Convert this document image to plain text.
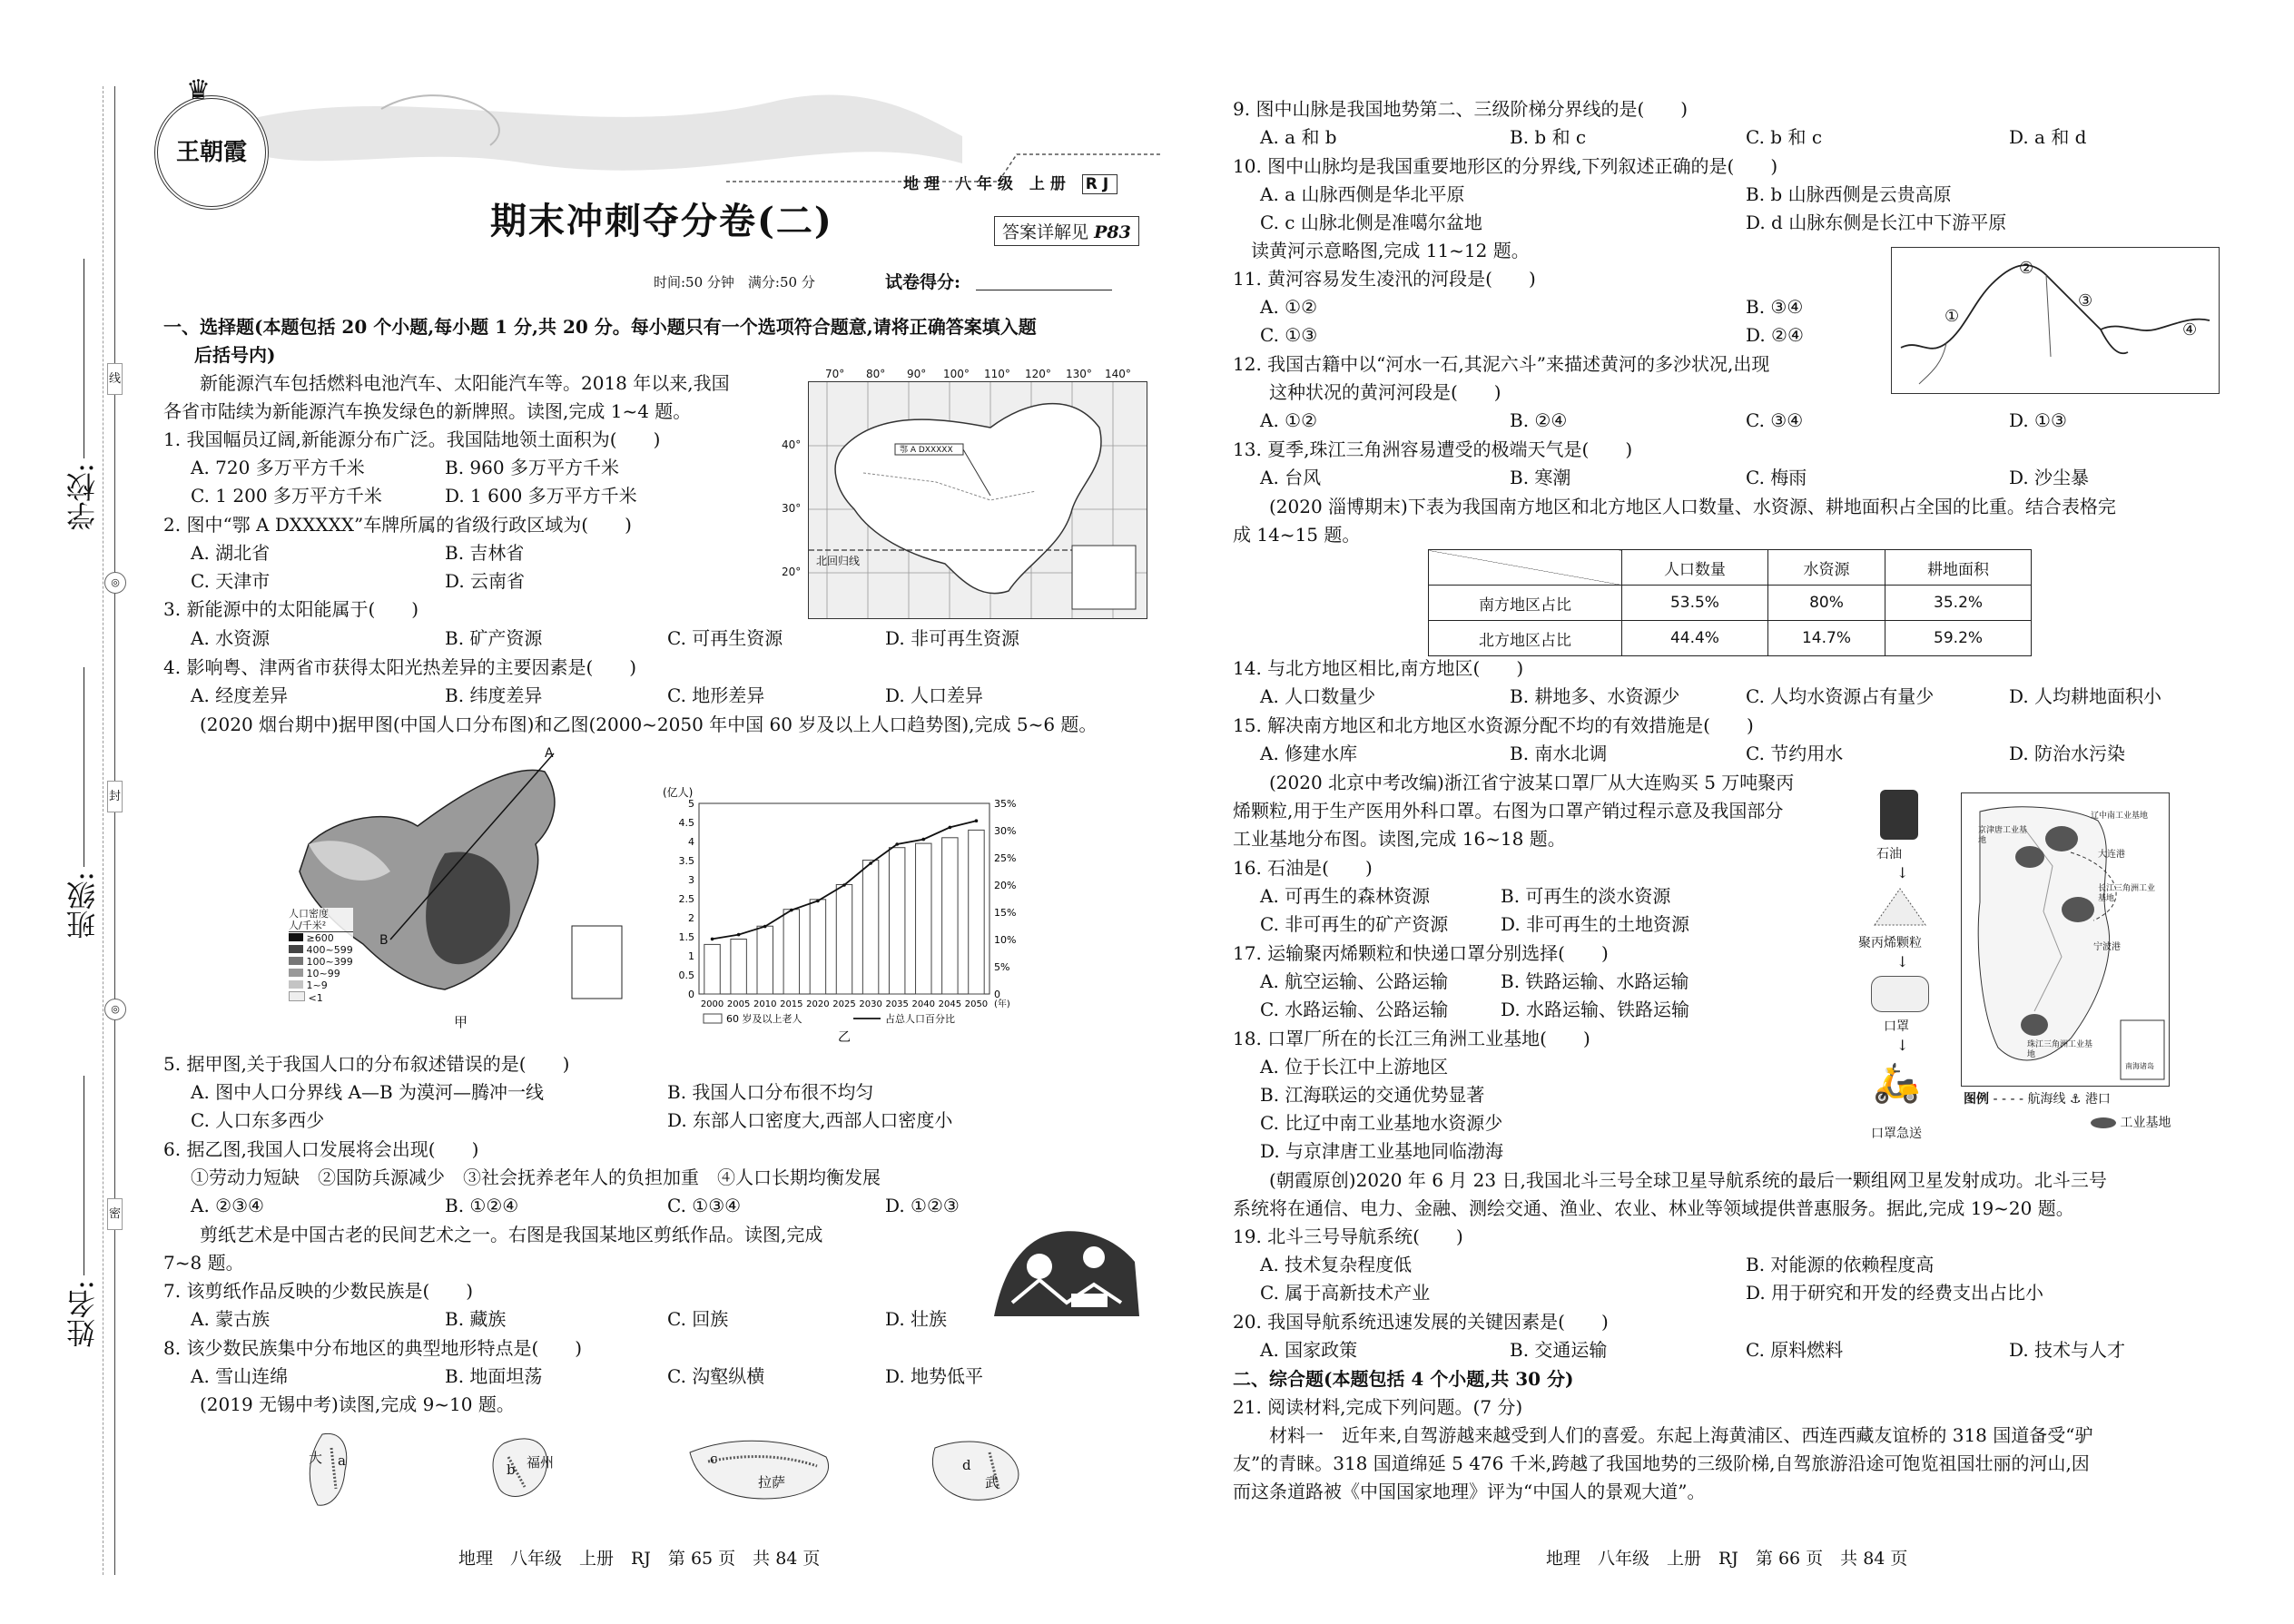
学校:
班级:
姓名:
线
封
密
◎
◎
王朝霞
♛
地理 八年级 上册 RJ
期末冲刺夺分卷(二)	答案详解见 P83
时间:50 分钟　满分:50 分	试卷得分:
一、选择题(本题包括 20 个小题,每小题 1 分,共 20 分。每小题只有一个选项符合题意,请将正确答案填入题
后括号内)
　　新能源汽车包括燃料电池汽车、太阳能汽车等。2018 年以来,我国
各省市陆续为新能源汽车换发绿色的新牌照。读图,完成 1~4 题。
1. 我国幅员辽阔,新能源分布广泛。我国陆地领土面积为(　　)
A. 720 多万平方千米	B. 960 多万平方千米
C. 1 200 多万平方千米	D. 1 600 多万平方千米
2. 图中“鄂 A DXXXXX”车牌所属的省级行政区域为(　　)
A. 湖北省	B. 吉林省
C. 天津市	D. 云南省
3. 新能源中的太阳能属于(　　)
A. 水资源	B. 矿产资源	C. 可再生资源	D. 非可再生资源
4. 影响粤、津两省市获得太阳光热差异的主要因素是(　　)
A. 经度差异	B. 纬度差异	C. 地形差异	D. 人口差异
70° 80° 90° 100° 110° 120° 130° 140°
40°
30°
20°
鄂 A DXXXXX
北回归线
　(2020 烟台期中)据甲图(中国人口分布图)和乙图(2000~2050 年中国 60 岁及以上人口趋势图),完成 5~6 题。
A
B
人口密度
人/千米²
≥600
400~599
100~399
10~99
1~9
<1
甲
0
0.5
1
1.5
2
2.5
3
3.5
4
4.5
5
0
5%
10%
15%
20%
25%
30%
35%
(亿人)
2000 2005 2010 2015 2020 2025 2030 2035 2040 2045 2050 (年)
60 岁及以上老人	占总人口百分比
乙
5. 据甲图,关于我国人口的分布叙述错误的是(　　)
A. 图中人口分界线 A—B 为漠河—腾冲一线	B. 我国人口分布很不均匀
C. 人口东多西少	D. 东部人口密度大,西部人口密度小
6. 据乙图,我国人口发展将会出现(　　)
　①劳动力短缺　②国防兵源减少　③社会抚养老年人的负担加重　④人口长期均衡发展
A. ②③④	B. ①②④	C. ①③④	D. ①②③
　　剪纸艺术是中国古老的民间艺术之一。右图是我国某地区剪纸作品。读图,完成
7~8 题。
7. 该剪纸作品反映的少数民族是(　　)
A. 蒙古族	B. 藏族	C. 回族	D. 壮族
8. 该少数民族集中分布地区的典型地形特点是(　　)
A. 雪山连绵	B. 地面坦荡	C. 沟壑纵横	D. 地势低平
　(2019 无锡中考)读图,完成 9~10 题。
大 a
b 福州	c
拉萨
d
武
地理　八年级　上册　RJ　第 65 页　共 84 页
9. 图中山脉是我国地势第二、三级阶梯分界线的是(　　)
A. a 和 b	B. b 和 c	C. b 和 c	D. a 和 d
10. 图中山脉均是我国重要地形区的分界线,下列叙述正确的是(　　)
A. a 山脉西侧是华北平原	B. b 山脉西侧是云贵高原
C. c 山脉北侧是准噶尔盆地	D. d 山脉东侧是长江中下游平原
　读黄河示意略图,完成 11~12 题。
11. 黄河容易发生凌汛的河段是(　　)
A. ①②	B. ③④
C. ①③	D. ②④
①
②
③
④
12. 我国古籍中以“河水一石,其泥六斗”来描述黄河的多沙状况,出现
　　这种状况的黄河河段是(　　)
A. ①②	B. ②④	C. ③④	D. ①③
13. 夏季,珠江三角洲容易遭受的极端天气是(　　)
A. 台风	B. 寒潮	C. 梅雨	D. 沙尘暴
　　(2020 淄博期末)下表为我国南方地区和北方地区人口数量、水资源、耕地面积占全国的比重。结合表格完
成 14~15 题。
	人口数量	水资源	耕地面积
南方地区占比	53.5%	80%	35.2%
北方地区占比	44.4%	14.7%	59.2%
14. 与北方地区相比,南方地区(　　)
A. 人口数量少	B. 耕地多、水资源少	C. 人均水资源占有量少	D. 人均耕地面积小
15. 解决南方地区和北方地区水资源分配不均的有效措施是(　　)
A. 修建水库	B. 南水北调	C. 节约用水	D. 防治水污染
　　(2020 北京中考改编)浙江省宁波某口罩厂从大连购买 5 万吨聚丙
烯颗粒,用于生产医用外科口罩。右图为口罩产销过程示意及我国部分
工业基地分布图。读图,完成 16~18 题。
16. 石油是(　　)
A. 可再生的森林资源	B. 可再生的淡水资源
C. 非可再生的矿产资源	D. 非可再生的土地资源
17. 运输聚丙烯颗粒和快递口罩分别选择(　　)
A. 航空运输、公路运输	B. 铁路运输、水路运输
C. 水路运输、公路运输	D. 水路运输、铁路运输
18. 口罩厂所在的长江三角洲工业基地(　　)
A. 位于长江中上游地区
B. 江海联运的交通优势显著
C. 比辽中南工业基地水资源少
D. 与京津唐工业基地同临渤海
石油
↓
聚丙烯颗粒
↓
口罩
↓
🛵
口罩急送
京津唐工业基地
辽中南工业基地
大连港
长江三角洲工业基地
宁波港
珠江三角洲工业基地
南海诸岛
图例 - - - - 航海线 ⚓ 港口
工业基地
　　(朝霞原创)2020 年 6 月 23 日,我国北斗三号全球卫星导航系统的最后一颗组网卫星发射成功。北斗三号
系统将在通信、电力、金融、测绘交通、渔业、农业、林业等领域提供普惠服务。据此,完成 19~20 题。
19. 北斗三号导航系统(　　)
A. 技术复杂程度低	B. 对能源的依赖程度高
C. 属于高新技术产业	D. 用于研究和开发的经费支出占比小
20. 我国导航系统迅速发展的关键因素是(　　)
A. 国家政策	B. 交通运输	C. 原料燃料	D. 技术与人才
二、综合题(本题包括 4 个小题,共 30 分)
21. 阅读材料,完成下列问题。(7 分)
　　材料一　近年来,自驾游越来越受到人们的喜爱。东起上海黄浦区、西连西藏友谊桥的 318 国道备受“驴
友”的青睐。318 国道绵延 5 476 千米,跨越了我国地势的三级阶梯,自驾旅游沿途可饱览祖国壮丽的河山,因
而这条道路被《中国国家地理》评为“中国人的景观大道”。
地理　八年级　上册　RJ　第 66 页　共 84 页
